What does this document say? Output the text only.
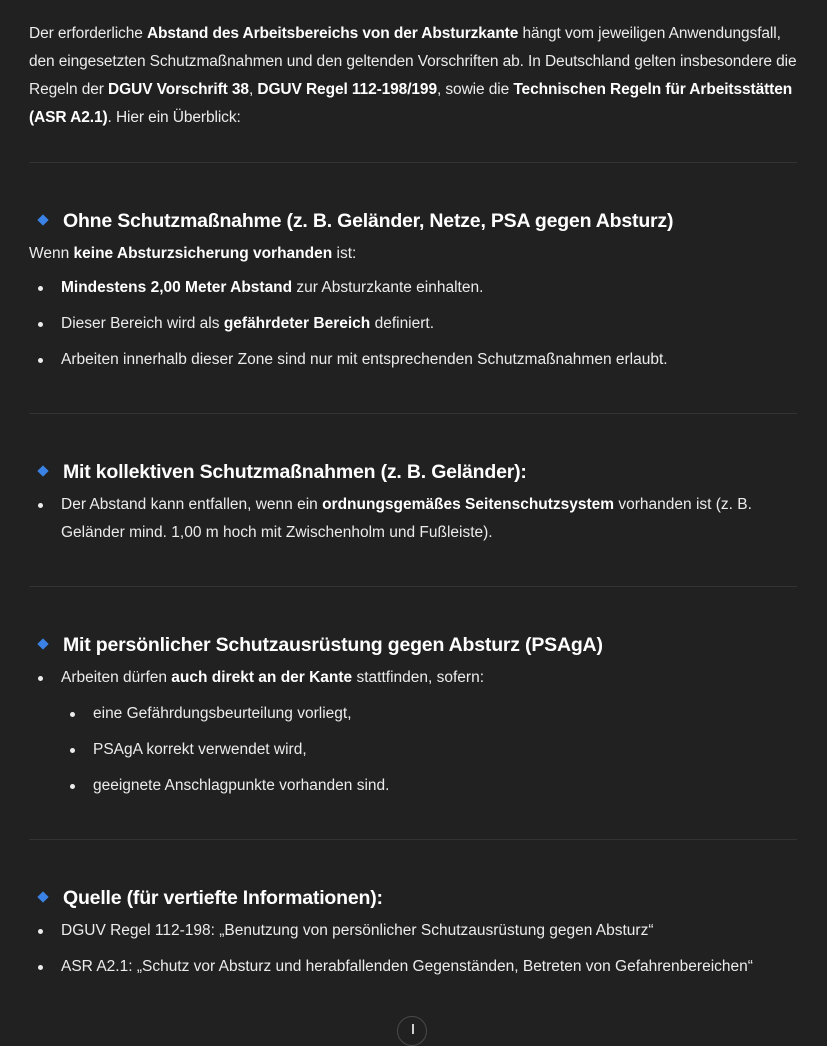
Der erforderliche Abstand des Arbeitsbereichs von der Absturzkante hängt vom jeweiligen Anwendungsfall, den eingesetzten Schutzmaßnahmen und den geltenden Vorschriften ab. In Deutschland gelten insbesondere die Regeln der DGUV Vorschrift 38, DGUV Regel 112-198/199, sowie die Technischen Regeln für Arbeitsstätten (ASR A2.1). Hier ein Überblick:

Ohne Schutzmaßnahme (z. B. Geländer, Netze, PSA gegen Absturz)

Wenn keine Absturzsicherung vorhanden ist:

Mindestens 2,00 Meter Abstand zur Absturzkante einhalten.
Dieser Bereich wird als gefährdeter Bereich definiert.
Arbeiten innerhalb dieser Zone sind nur mit entsprechenden Schutzmaßnahmen erlaubt.
Mit kollektiven Schutzmaßnahmen (z. B. Geländer):
Der Abstand kann entfallen, wenn ein ordnungsgemäßes Seitenschutzsystem vorhanden ist (z. B. Geländer mind. 1,00 m hoch mit Zwischenholm und Fußleiste).
Mit persönlicher Schutzausrüstung gegen Absturz (PSAgA)
Arbeiten dürfen auch direkt an der Kante stattfinden, sofern:
eine Gefährdungsbeurteilung vorliegt,
PSAgA korrekt verwendet wird,
geeignete Anschlagpunkte vorhanden sind.
Quelle (für vertiefte Informationen):
DGUV Regel 112-198: „Benutzung von persönlicher Schutzausrüstung gegen Absturz“
ASR A2.1: „Schutz vor Absturz und herabfallenden Gegenständen, Betreten von Gefahrenbereichen“
